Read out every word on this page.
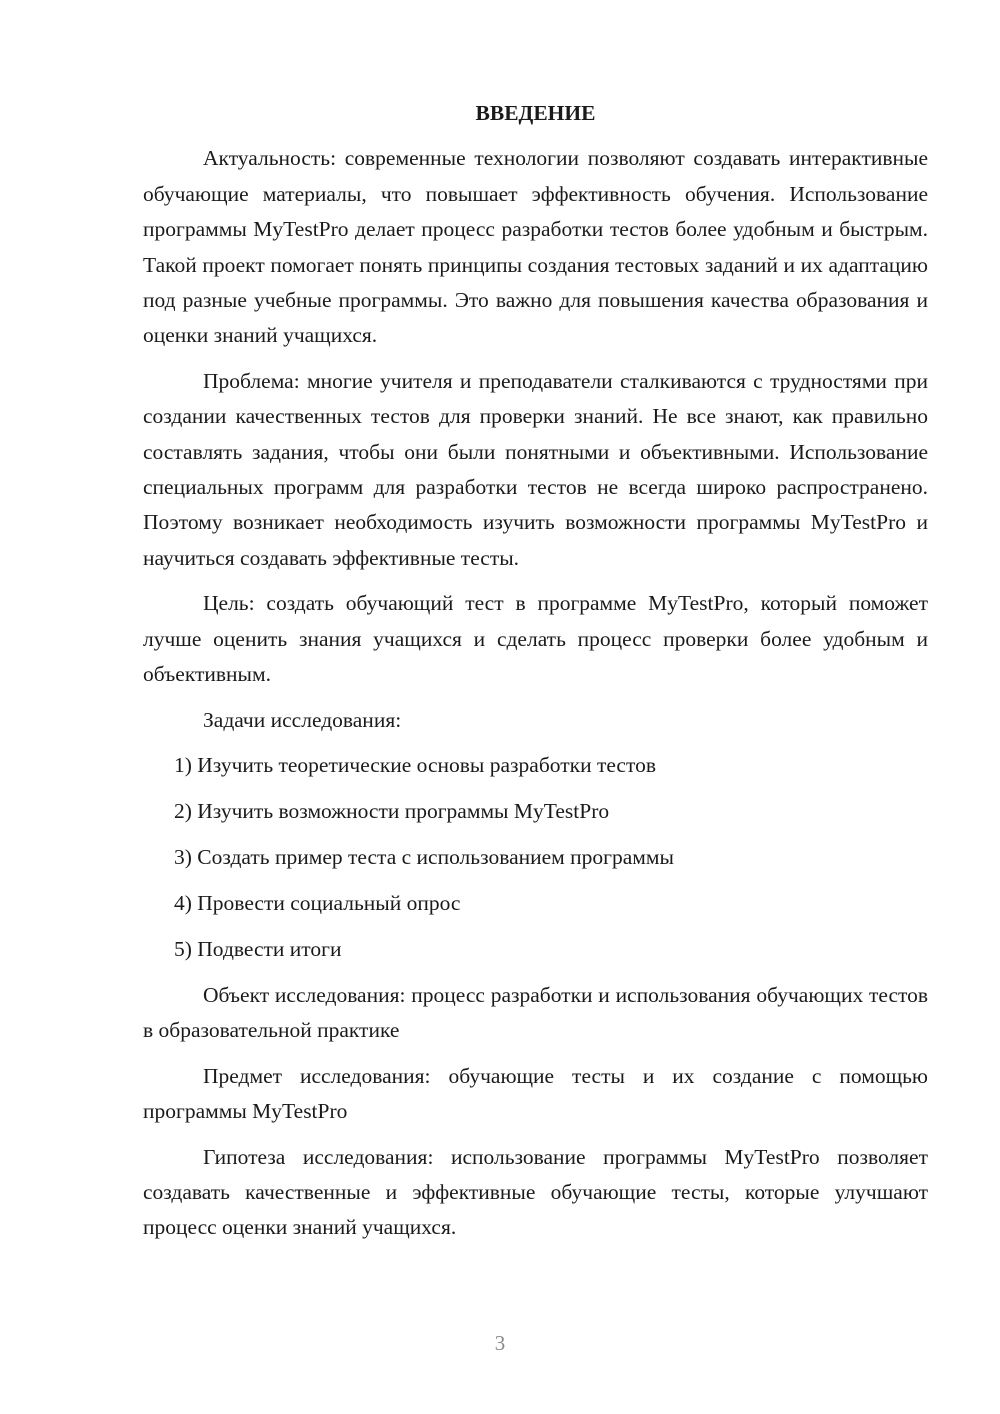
ВВЕДЕНИЕ

Актуальность: современные технологии позволяют создавать интерактивные обучающие материалы, что повышает эффективность обучения. Использование программы MyTestPro делает процесс разработки тестов более удобным и быстрым. Такой проект помогает понять принципы создания тестовых заданий и их адаптацию под разные учебные программы. Это важно для повышения качества образования и оценки знаний учащихся.

Проблема: многие учителя и преподаватели сталкиваются с трудностями при создании качественных тестов для проверки знаний. Не все знают, как правильно составлять задания, чтобы они были понятными и объективными. Использование специальных программ для разработки тестов не всегда широко распространено. Поэтому возникает необходимость изучить возможности программы MyTestPro и научиться создавать эффективные тесты.

Цель: создать обучающий тест в программе MyTestPro, который поможет лучше оценить знания учащихся и сделать процесс проверки более удобным и объективным.

Задачи исследования:

1) Изучить теоретические основы разработки тестов
2) Изучить возможности программы MyTestPro
3) Создать пример теста с использованием программы
4) Провести социальный опрос
5) Подвести итоги

Объект исследования: процесс разработки и использования обучающих тестов в образовательной практике

Предмет исследования: обучающие тесты и их создание с помощью программы MyTestPro

Гипотеза исследования: использование программы MyTestPro позволяет создавать качественные и эффективные обучающие тесты, которые улучшают процесс оценки знаний учащихся.

3
